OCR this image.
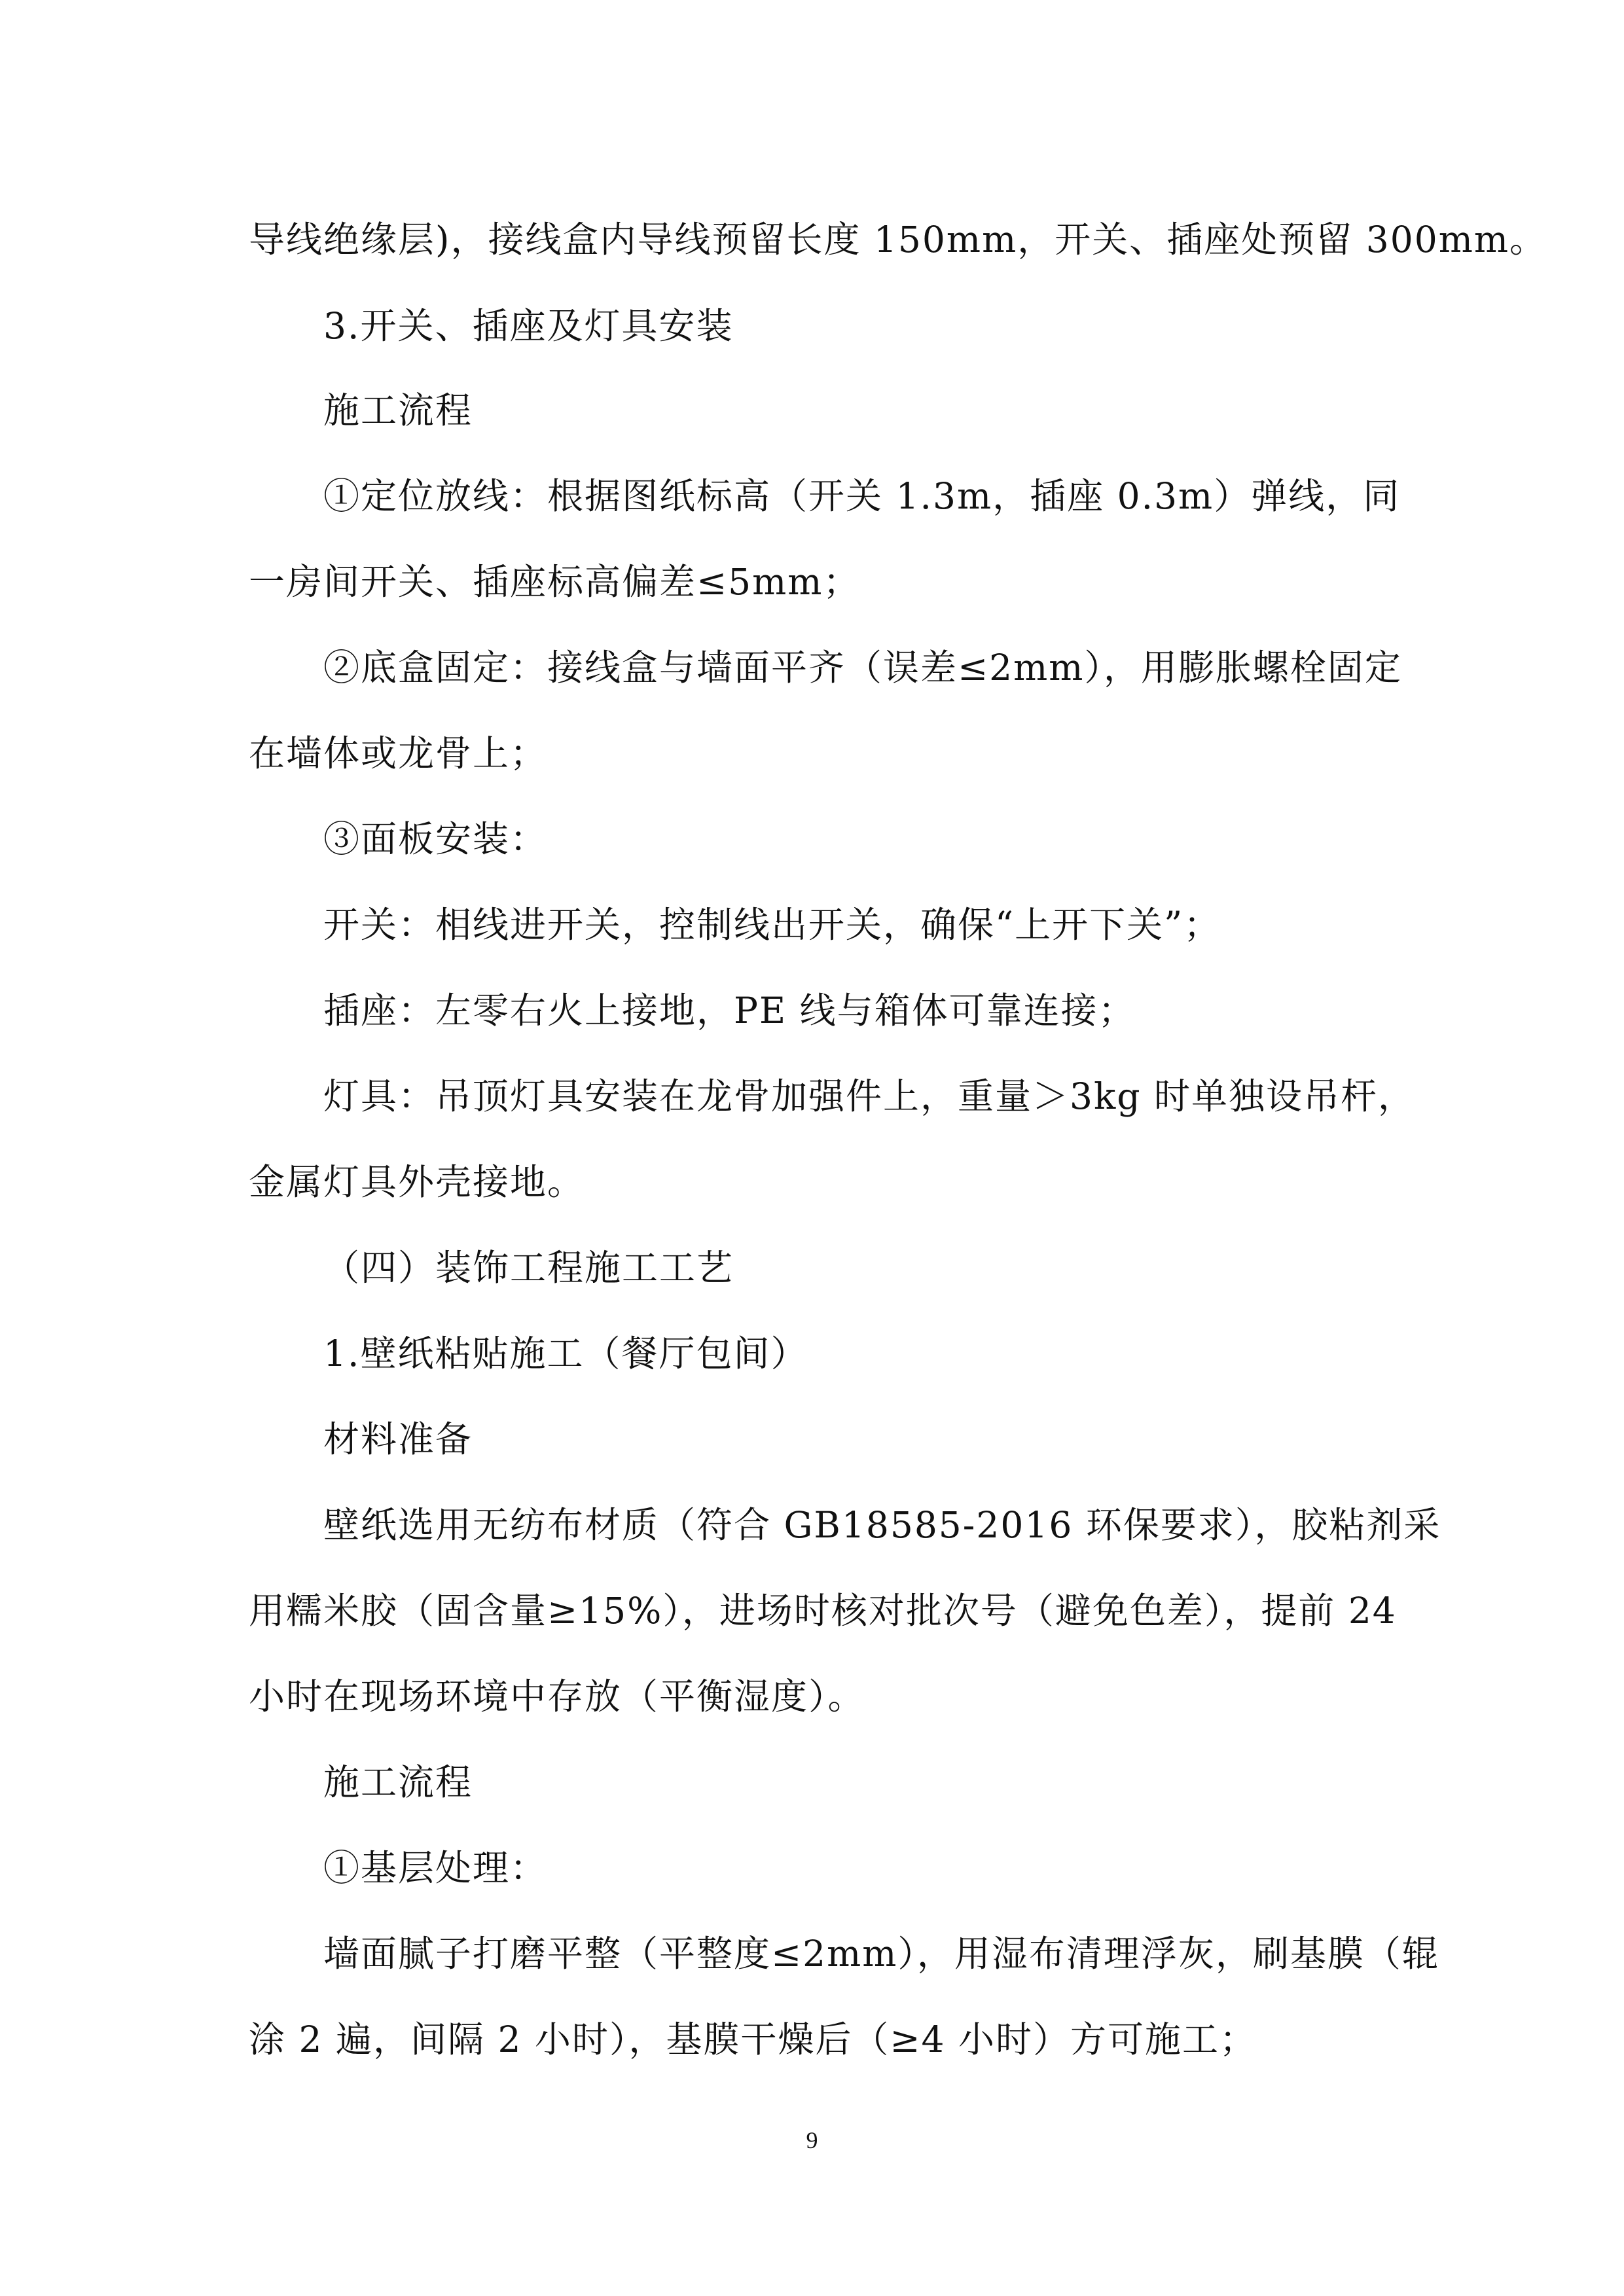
导线绝缘层)，接线盒内导线预留长度 150mm，开关、插座处预留 300mm。
3.开关、插座及灯具安装
施工流程
①定位放线：根据图纸标高（开关 1.3m，插座 0.3m）弹线，同
一房间开关、插座标高偏差≤5mm；
②底盒固定：接线盒与墙面平齐（误差≤2mm），用膨胀螺栓固定
在墙体或龙骨上；
③面板安装：
开关：相线进开关，控制线出开关，确保“上开下关”；
插座：左零右火上接地，PE 线与箱体可靠连接；
灯具：吊顶灯具安装在龙骨加强件上，重量＞3kg 时单独设吊杆，
金属灯具外壳接地。
（四）装饰工程施工工艺
1.壁纸粘贴施工（餐厅包间）
材料准备
壁纸选用无纺布材质（符合 GB18585-2016 环保要求），胶粘剂采
用糯米胶（固含量≥15%），进场时核对批次号（避免色差），提前 24
小时在现场环境中存放（平衡湿度）。
施工流程
①基层处理：
墙面腻子打磨平整（平整度≤2mm），用湿布清理浮灰，刷基膜（辊
涂 2 遍，间隔 2 小时），基膜干燥后（≥4 小时）方可施工；
9
